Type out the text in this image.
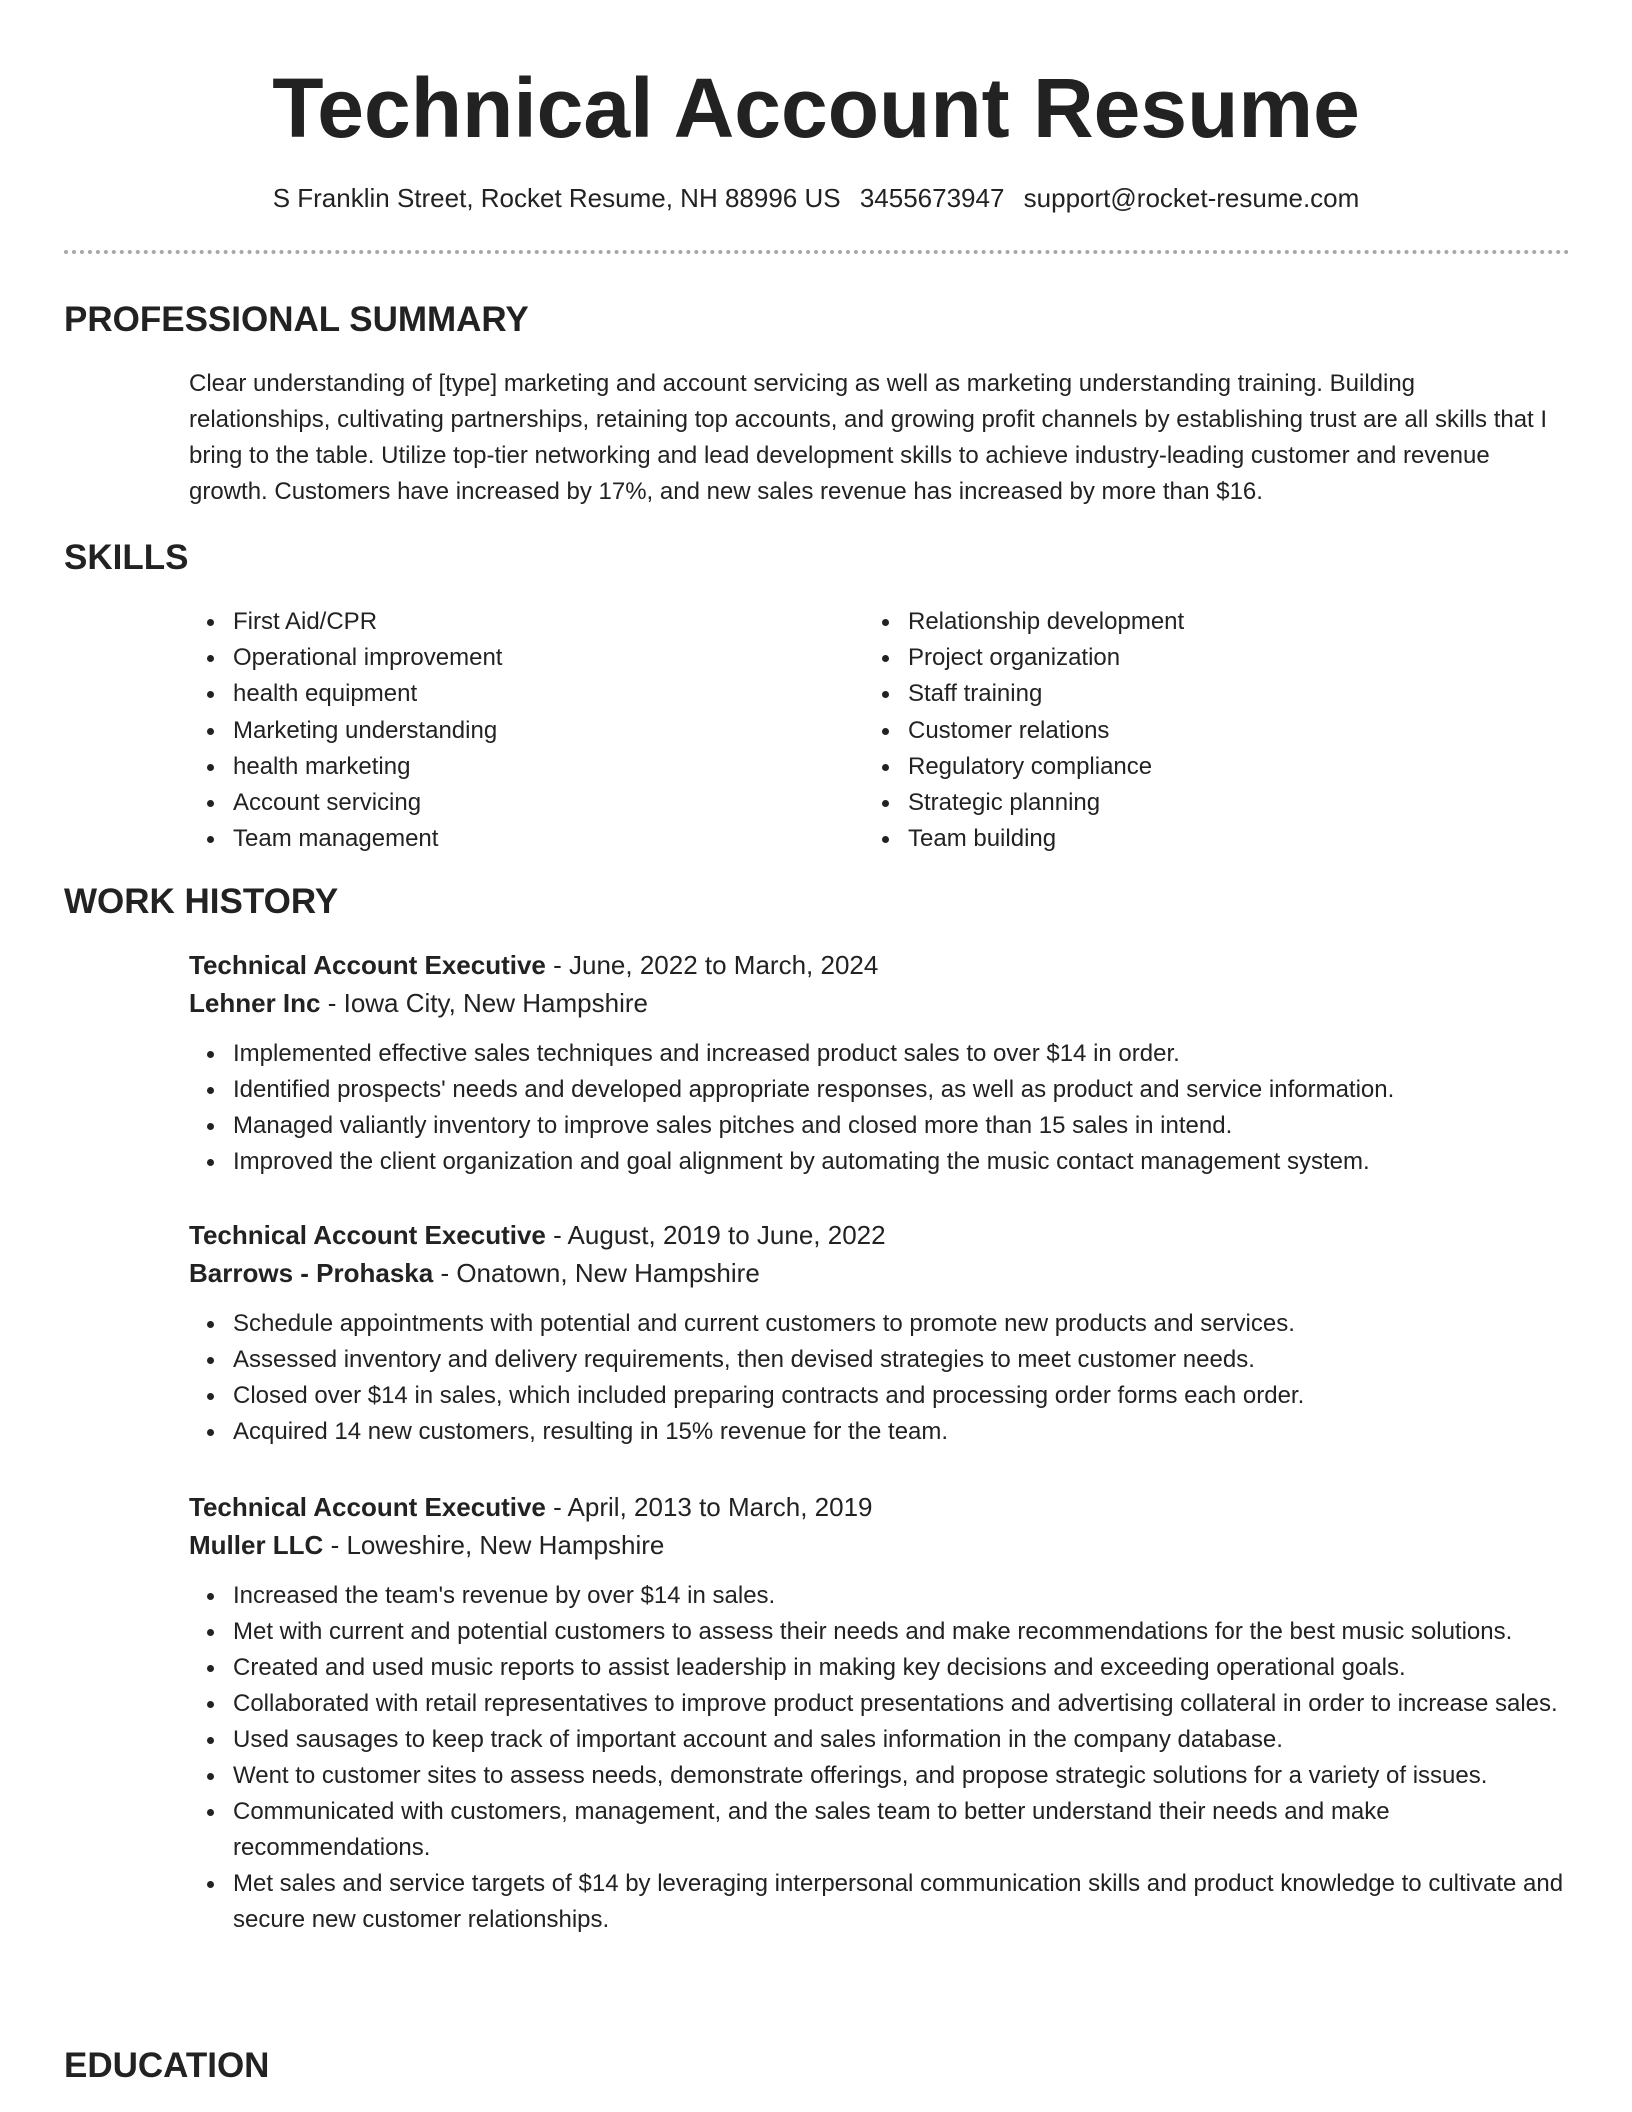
Technical Account Resume
S Franklin Street, Rocket Resume, NH 88996 US 3455673947 support@rocket-resume.com
PROFESSIONAL SUMMARY

Clear understanding of [type] marketing and account servicing as well as marketing understanding training. Building relationships, cultivating partnerships, retaining top accounts, and growing profit channels by establishing trust are all skills that I bring to the table. Utilize top-tier networking and lead development skills to achieve industry-leading customer and revenue growth. Customers have increased by 17%, and new sales revenue has increased by more than $16.

SKILLS
First Aid/CPR
Operational improvement
health equipment
Marketing understanding
health marketing
Account servicing
Team management
Relationship development
Project organization
Staff training
Customer relations
Regulatory compliance
Strategic planning
Team building
WORK HISTORY
Technical Account Executive - June, 2022 to March, 2024
Lehner Inc - Iowa City, New Hampshire
Implemented effective sales techniques and increased product sales to over $14 in order.
Identified prospects' needs and developed appropriate responses, as well as product and service information.
Managed valiantly inventory to improve sales pitches and closed more than 15 sales in intend.
Improved the client organization and goal alignment by automating the music contact management system.
Technical Account Executive - August, 2019 to June, 2022
Barrows - Prohaska - Onatown, New Hampshire
Schedule appointments with potential and current customers to promote new products and services.
Assessed inventory and delivery requirements, then devised strategies to meet customer needs.
Closed over $14 in sales, which included preparing contracts and processing order forms each order.
Acquired 14 new customers, resulting in 15% revenue for the team.
Technical Account Executive - April, 2013 to March, 2019
Muller LLC - Loweshire, New Hampshire
Increased the team's revenue by over $14 in sales.
Met with current and potential customers to assess their needs and make recommendations for the best music solutions.
Created and used music reports to assist leadership in making key decisions and exceeding operational goals.
Collaborated with retail representatives to improve product presentations and advertising collateral in order to increase sales.
Used sausages to keep track of important account and sales information in the company database.
Went to customer sites to assess needs, demonstrate offerings, and propose strategic solutions for a variety of issues.
Communicated with customers, management, and the sales team to better understand their needs and make recommendations.
Met sales and service targets of $14 by leveraging interpersonal communication skills and product knowledge to cultivate and secure new customer relationships.
EDUCATION
